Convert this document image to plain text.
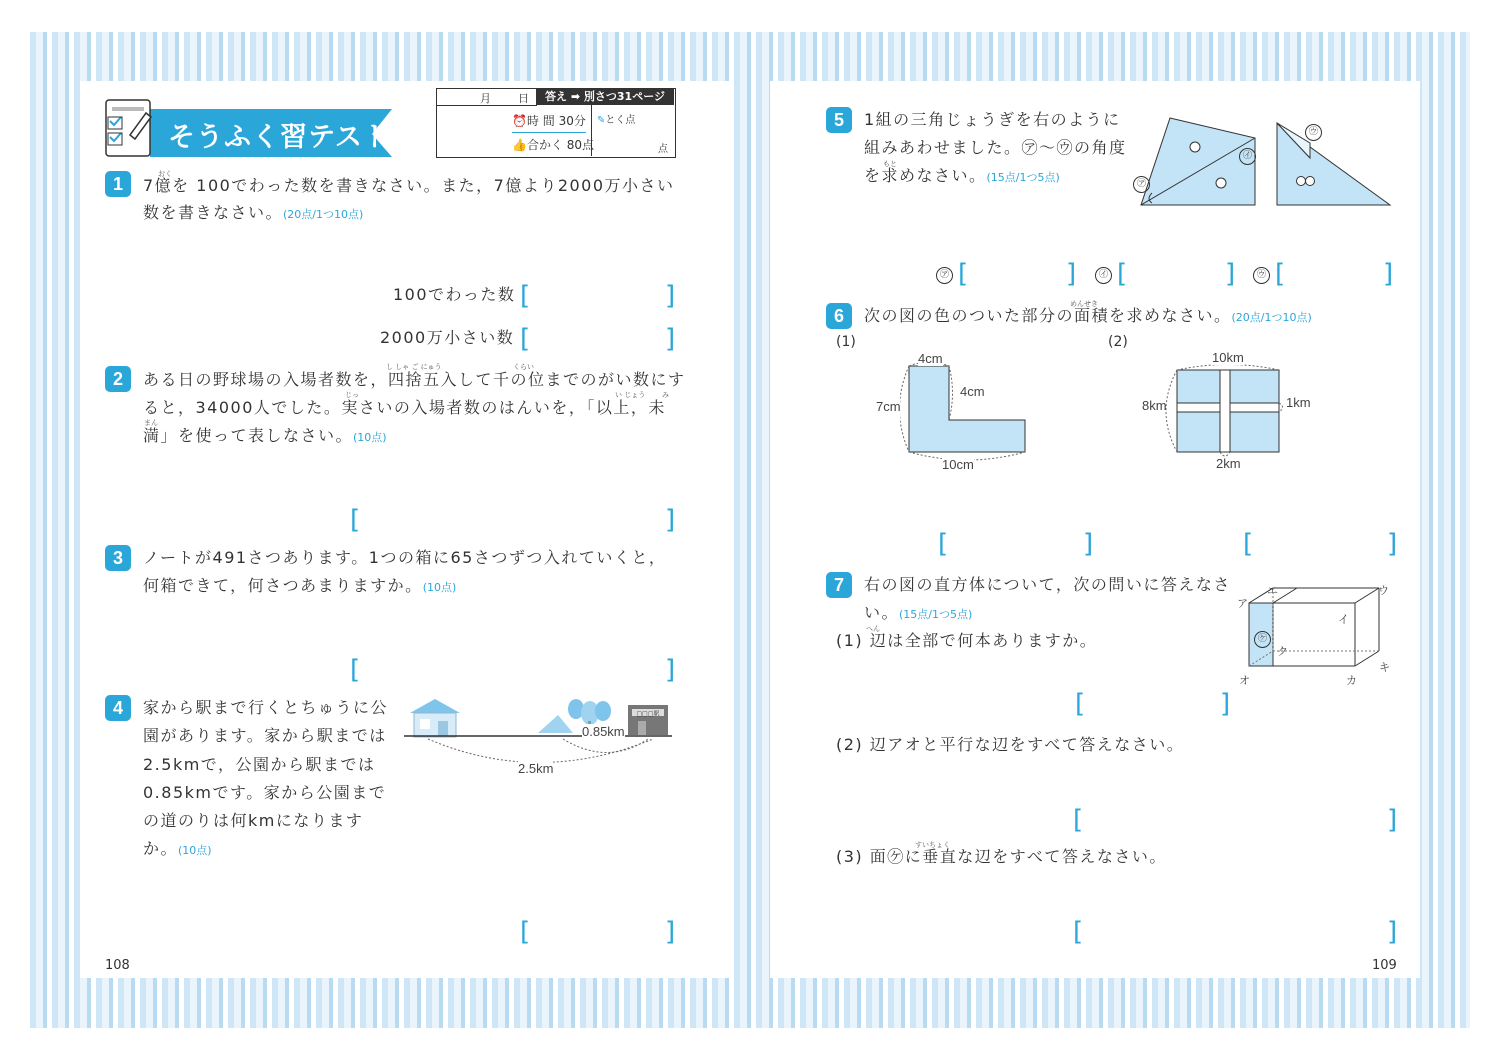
そうふく習テスト①
月 日	答え ➡ 別さつ31ページ
⏰時 間 30分
👍合かく 80点
✎とく点
点
1	おく
7億を 100でわった数を書きなさい。また，7億より2000万小さい
数を書きなさい。(20点/1つ10点)
100でわった数 [	]
2000万小さい数 [	]
2
し しゃ ご にゅう	くらい
ある日の野球場の入場者数を，四捨五入して千の位までのがい数にす
じっ	い じょう み
ると，34000人でした。実さいの入場者数のはんいを，「以上，未
まん
満」を使って表しなさい。(10点)
[	]
3	ノートが491さつあります。1つの箱に65さつずつ入れていくと，
何箱できて，何さつあまりますか。(10点)
[	]
4	家から駅まで行くとちゅうに公
園があります。家から駅までは
2.5kmで，公園から駅までは
0.85kmです。家から公園まで
の道のりは何kmになります
か。(10点)
□□□駅
0.85km
2.5km
[	]
108
5	1組の三角じょうぎを右のように
組みあわせました。㋐～㋒の角度
もと
を求めなさい。(15点/1つ5点)	㋐
㋑
㋒
㋐ [	]	㋑ [	]	㋒ [	]
6
めんせき
次の図の色のついた部分の面積を求めなさい。(20点/1つ10点)
(1)	(2)
4cm
7cm
4cm
10cm
10km
8km	1km
2km
[	]	[	]
7	右の図の直方体について，次の問いに答えなさ
い。(15点/1つ5点)
へん
(1) 辺は全部で何本ありますか。
ア
エ	ウ
イ
ク
オ	カ
キ
㋘
[	]
(2) 辺アオと平行な辺をすべて答えなさい。
[	]
すいちょく
(3) 面㋘に垂直な辺をすべて答えなさい。
[	]
109
